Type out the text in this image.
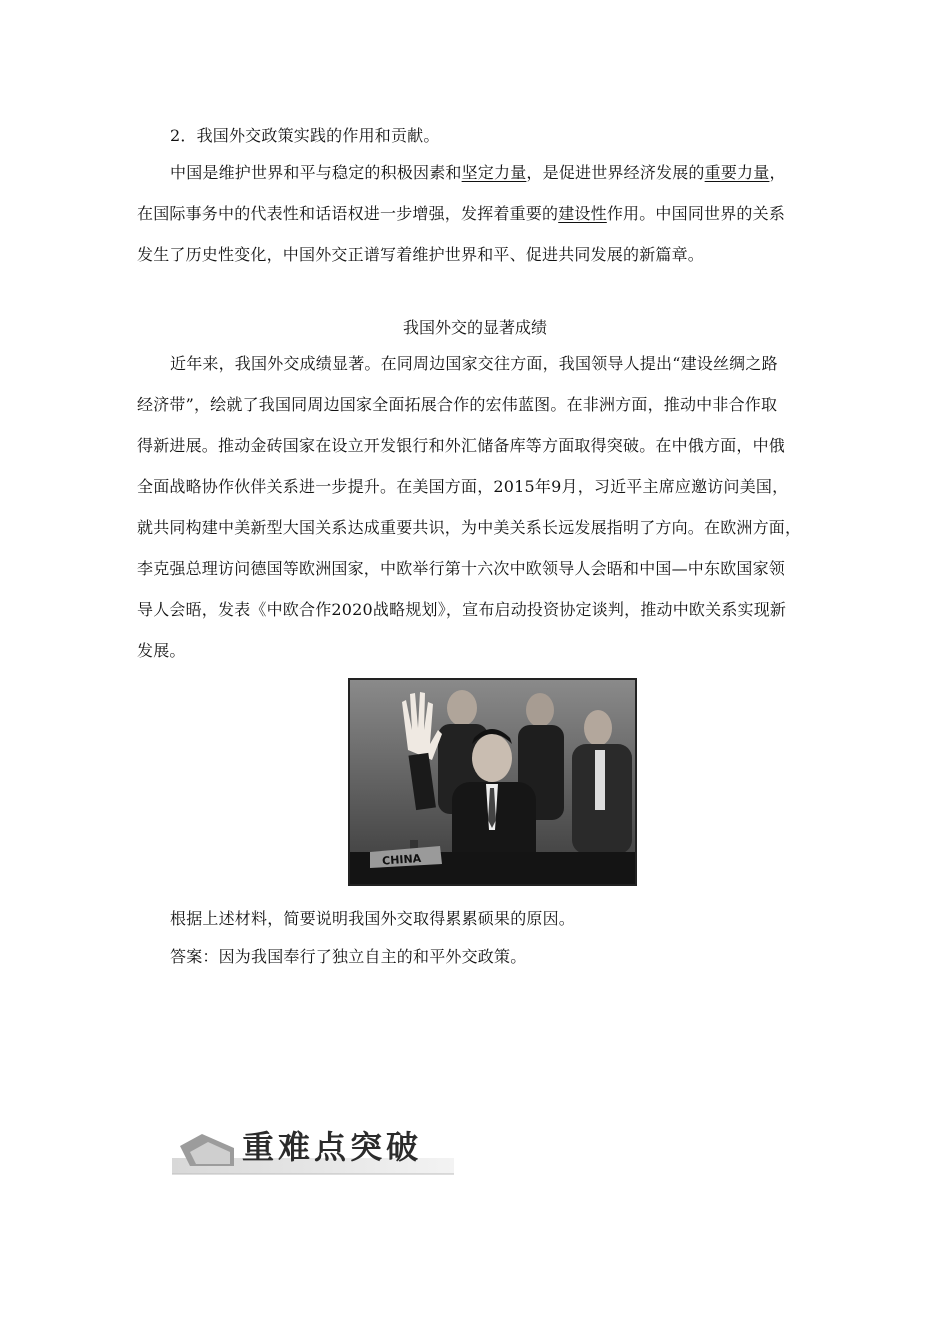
2．我国外交政策实践的作用和贡献。
中国是维护世界和平与稳定的积极因素和坚定力量，是促进世界经济发展的重要力量，
在国际事务中的代表性和话语权进一步增强，发挥着重要的建设性作用。中国同世界的关系
发生了历史性变化，中国外交正谱写着维护世界和平、促进共同发展的新篇章。
我国外交的显著成绩
近年来，我国外交成绩显著。在同周边国家交往方面，我国领导人提出“建设丝绸之路
经济带”，绘就了我国同周边国家全面拓展合作的宏伟蓝图。在非洲方面，推动中非合作取
得新进展。推动金砖国家在设立开发银行和外汇储备库等方面取得突破。在中俄方面，中俄
全面战略协作伙伴关系进一步提升。在美国方面，2015年9月，习近平主席应邀访问美国，
就共同构建中美新型大国关系达成重要共识，为中美关系长远发展指明了方向。在欧洲方面，
李克强总理访问德国等欧洲国家，中欧举行第十六次中欧领导人会晤和中国—中东欧国家领
导人会晤，发表《中欧合作2020战略规划》，宣布启动投资协定谈判，推动中欧关系实现新
发展。
CHINA
根据上述材料，简要说明我国外交取得累累硕果的原因。
答案：因为我国奉行了独立自主的和平外交政策。
重难点突破
